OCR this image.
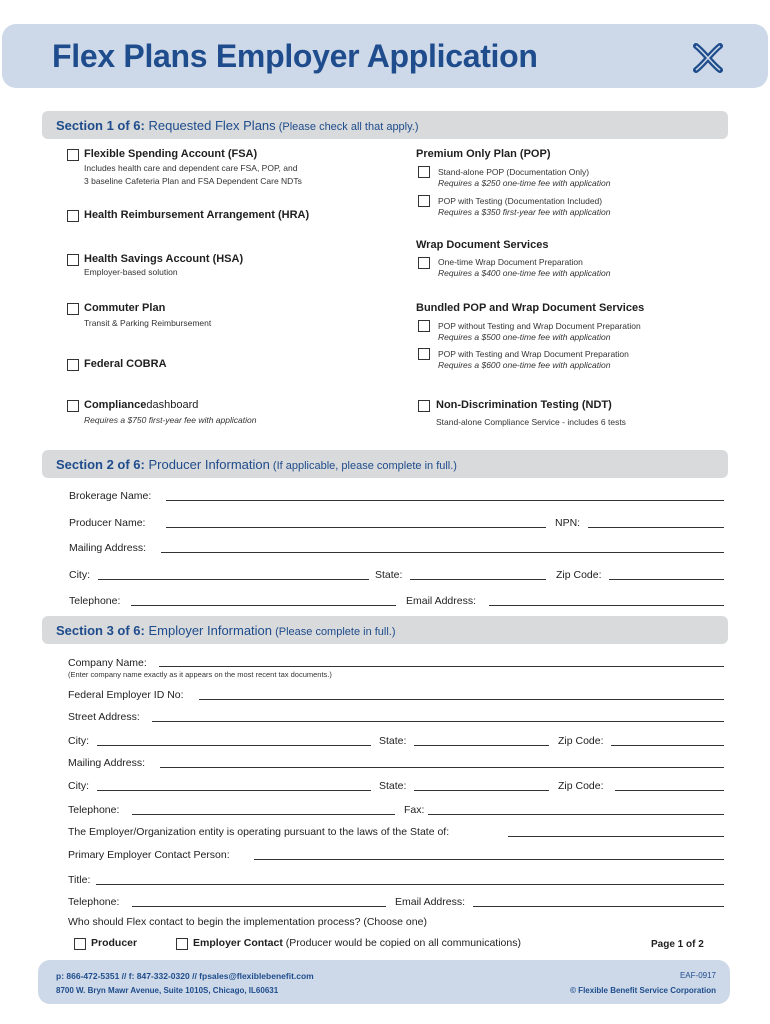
Flex Plans Employer Application
Section 1 of 6: Requested Flex Plans (Please check all that apply.)
Flexible Spending Account (FSA)
Includes health care and dependent care FSA, POP, and
3 baseline Cafeteria Plan and FSA Dependent Care NDTs
Health Reimbursement Arrangement (HRA)
Health Savings Account (HSA)
Employer-based solution
Commuter Plan
Transit & Parking Reimbursement
Federal COBRA
Compliancedashboard
Requires a $750 first-year fee with application
Premium Only Plan (POP)
Stand-alone POP (Documentation Only)
Requires a $250 one-time fee with application
POP with Testing (Documentation Included)
Requires a $350 first-year fee with application
Wrap Document Services
One-time Wrap Document Preparation
Requires a $400 one-time fee with application
Bundled POP and Wrap Document Services
POP without Testing and Wrap Document Preparation
Requires a $500 one-time fee with application
POP with Testing and Wrap Document Preparation
Requires a $600 one-time fee with application
Non-Discrimination Testing (NDT)
Stand-alone Compliance Service - includes 6 tests
Section 2 of 6: Producer Information (If applicable, please complete in full.)
Brokerage Name:
Producer Name:	NPN:
Mailing Address:
City:	State:	Zip Code:
Telephone:	Email Address:
Section 3 of 6: Employer Information (Please complete in full.)
Company Name:
(Enter company name exactly as it appears on the most recent tax documents.)
Federal Employer ID No:
Street Address:
City:	State:	Zip Code:
Mailing Address:
City:	State:	Zip Code:
Telephone:	Fax:
The Employer/Organization entity is operating pursuant to the laws of the State of:
Primary Employer Contact Person:
Title:
Telephone:	Email Address:
Who should Flex contact to begin the implementation process? (Choose one)
Producer	Employer Contact (Producer would be copied on all communications)	Page 1 of 2
p: 866-472-5351 // f: 847-332-0320 // fpsales@flexiblebenefit.com
8700 W. Bryn Mawr Avenue, Suite 1010S, Chicago, IL60631
EAF-0917
© Flexible Benefit Service Corporation
